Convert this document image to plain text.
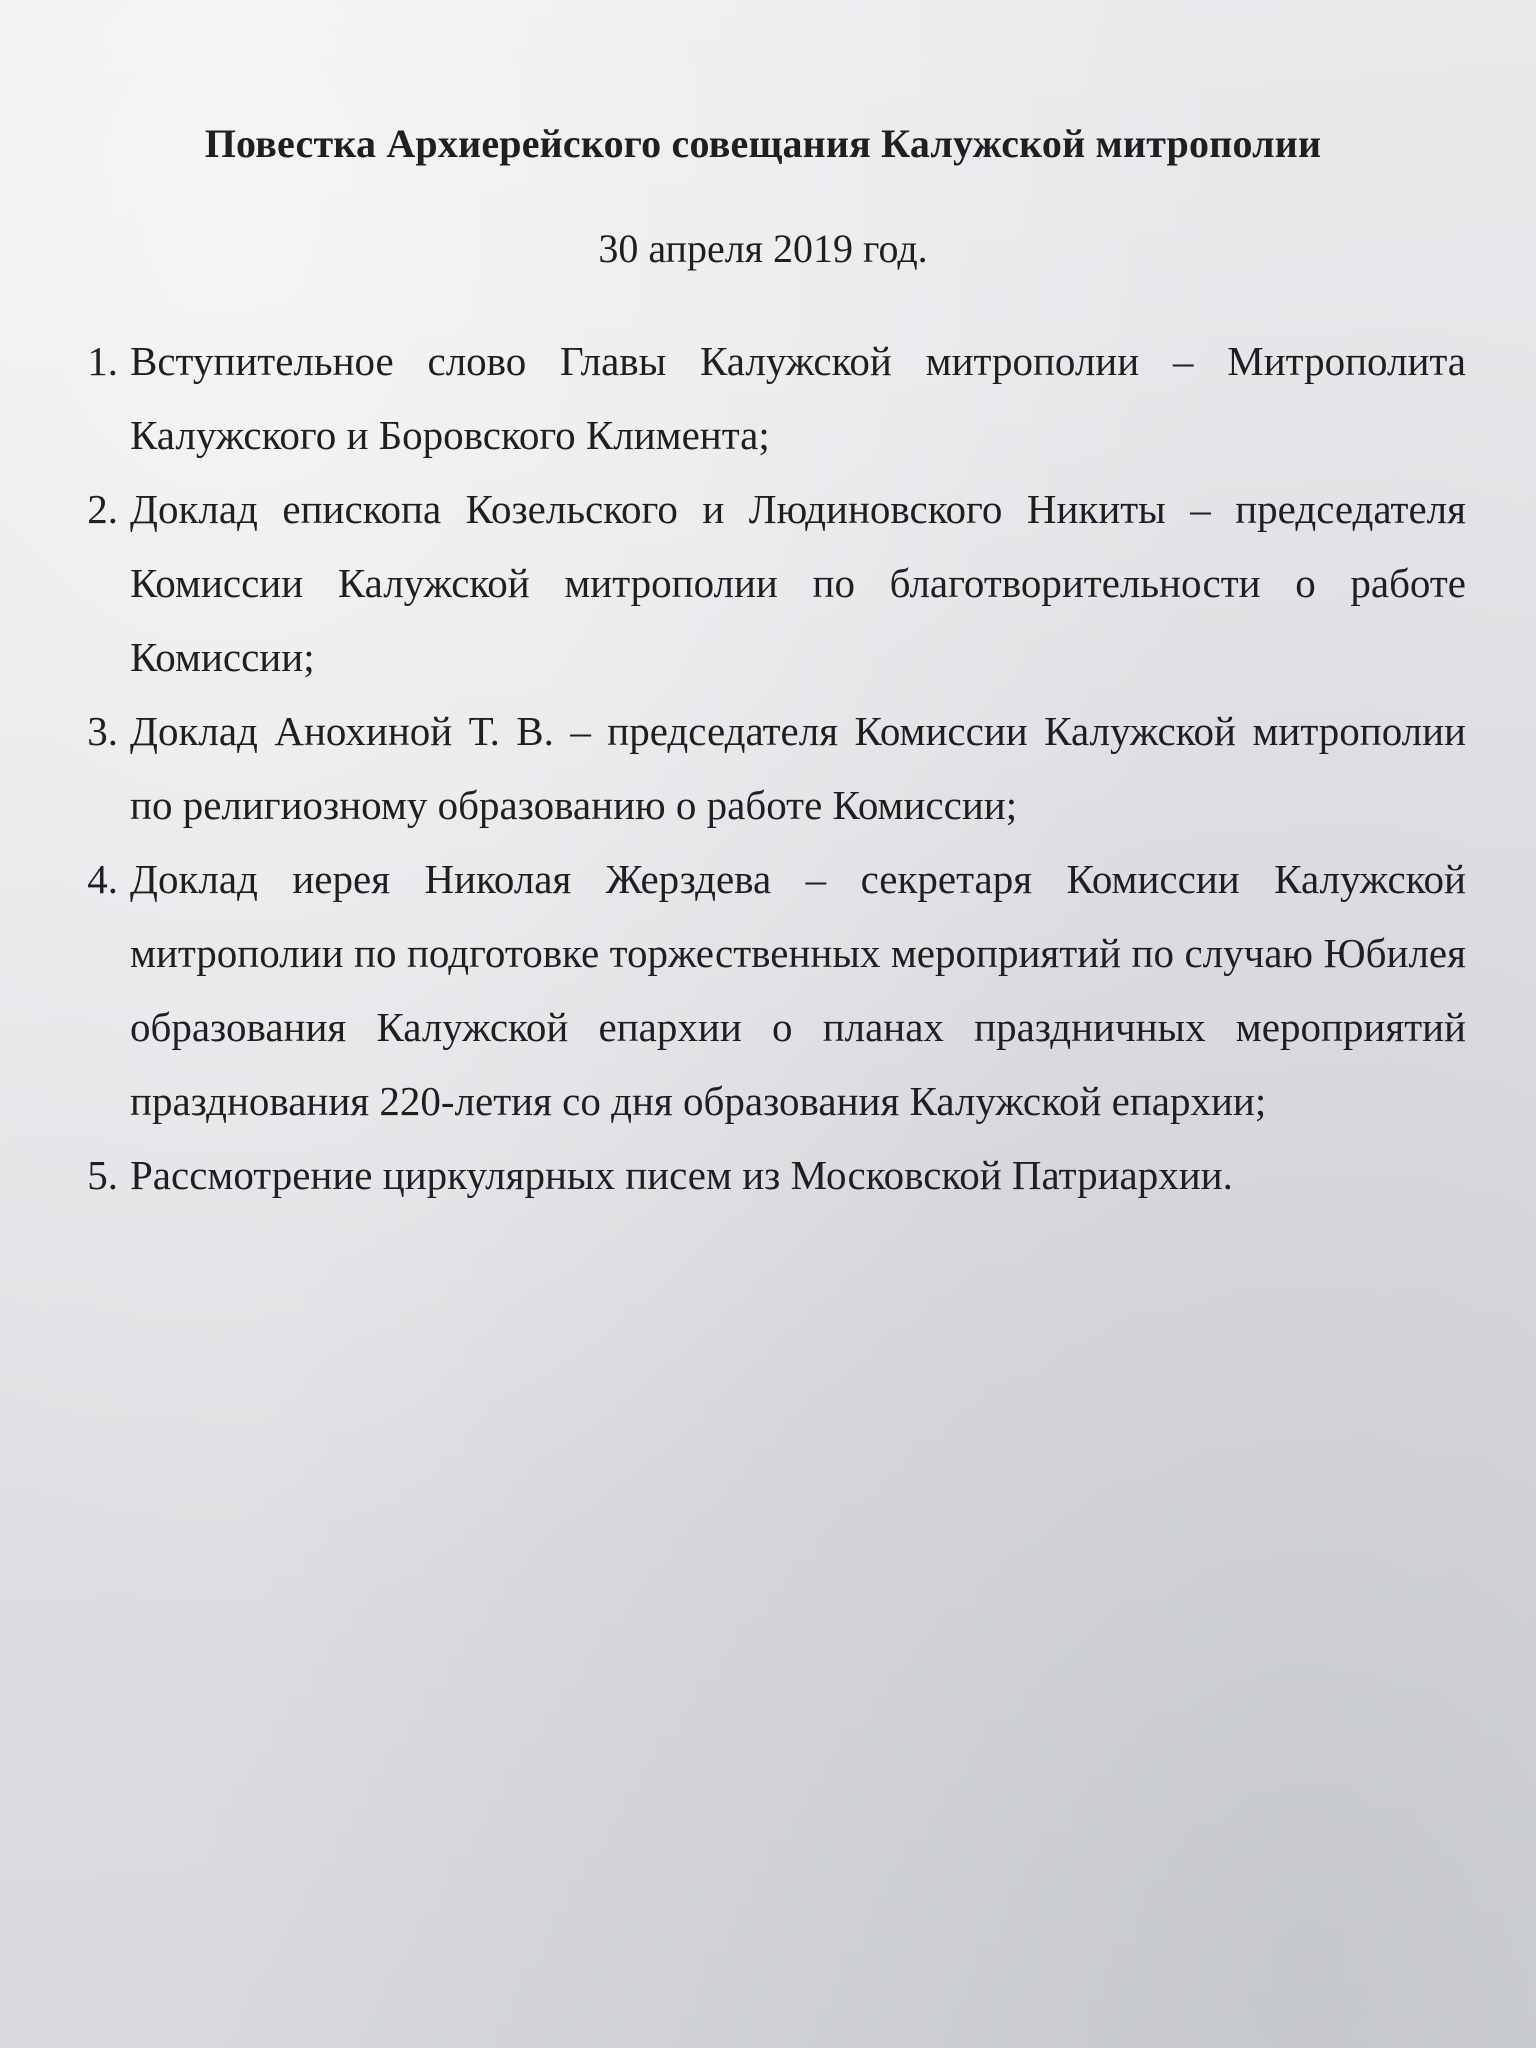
Повестка Архиерейского совещания Калужской митрополии
30 апреля 2019 год.
1. Вступительное слово Главы Калужской митрополии – Митрополита Калужского и Боровского Климента;
2. Доклад епископа Козельского и Людиновского Никиты – председателя Комиссии Калужской митрополии по благотворительности о работе Комиссии;
3. Доклад Анохиной Т. В. – председателя Комиссии Калужской митрополии по религиозному образованию о работе Комиссии;
4. Доклад иерея Николая Жерздева – секретаря Комиссии Калужской митрополии по подготовке торжественных мероприятий по случаю Юбилея образования Калужской епархии о планах праздничных мероприятий празднования 220-летия со дня образования Калужской епархии;
5. Рассмотрение циркулярных писем из Московской Патриархии.
